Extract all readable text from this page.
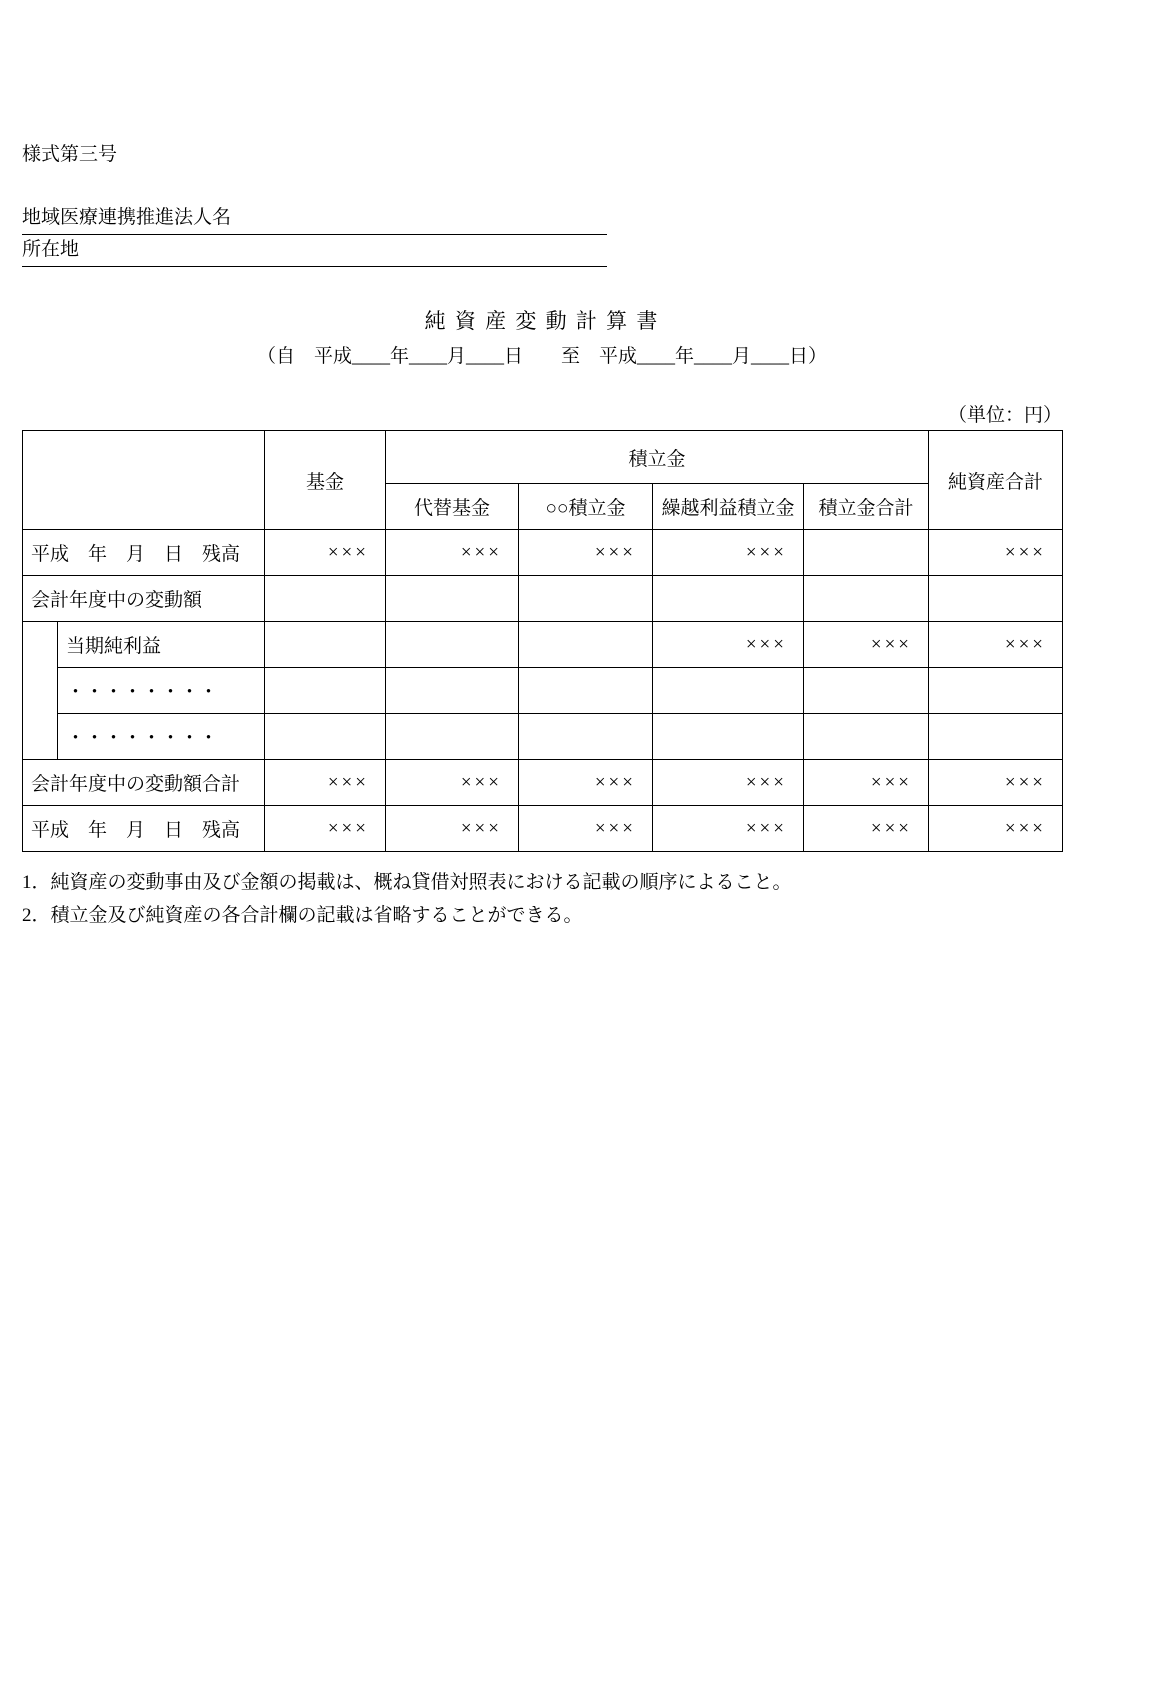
様式第三号
地域医療連携推進法人名
所在地
純 資 産 変 動 計 算 書
（自　平成____年____月____日　　至　平成____年____月____日）
（単位：円）
		基金	積立金				純資産合計
			代替基金	○○積立金	繰越利益積立金	積立金合計	
平成　年　月　日　残高		×××	×××	×××	×××		×××
会計年度中の変動額							
	当期純利益				×××	×××	×××
	・・・・・・・・						
	・・・・・・・・						
会計年度中の変動額合計		×××	×××	×××	×××	×××	×××
平成　年　月　日　残高		×××	×××	×××	×××	×××	×××
1．純資産の変動事由及び金額の掲載は、概ね貸借対照表における記載の順序によること。
2．積立金及び純資産の各合計欄の記載は省略することができる。
